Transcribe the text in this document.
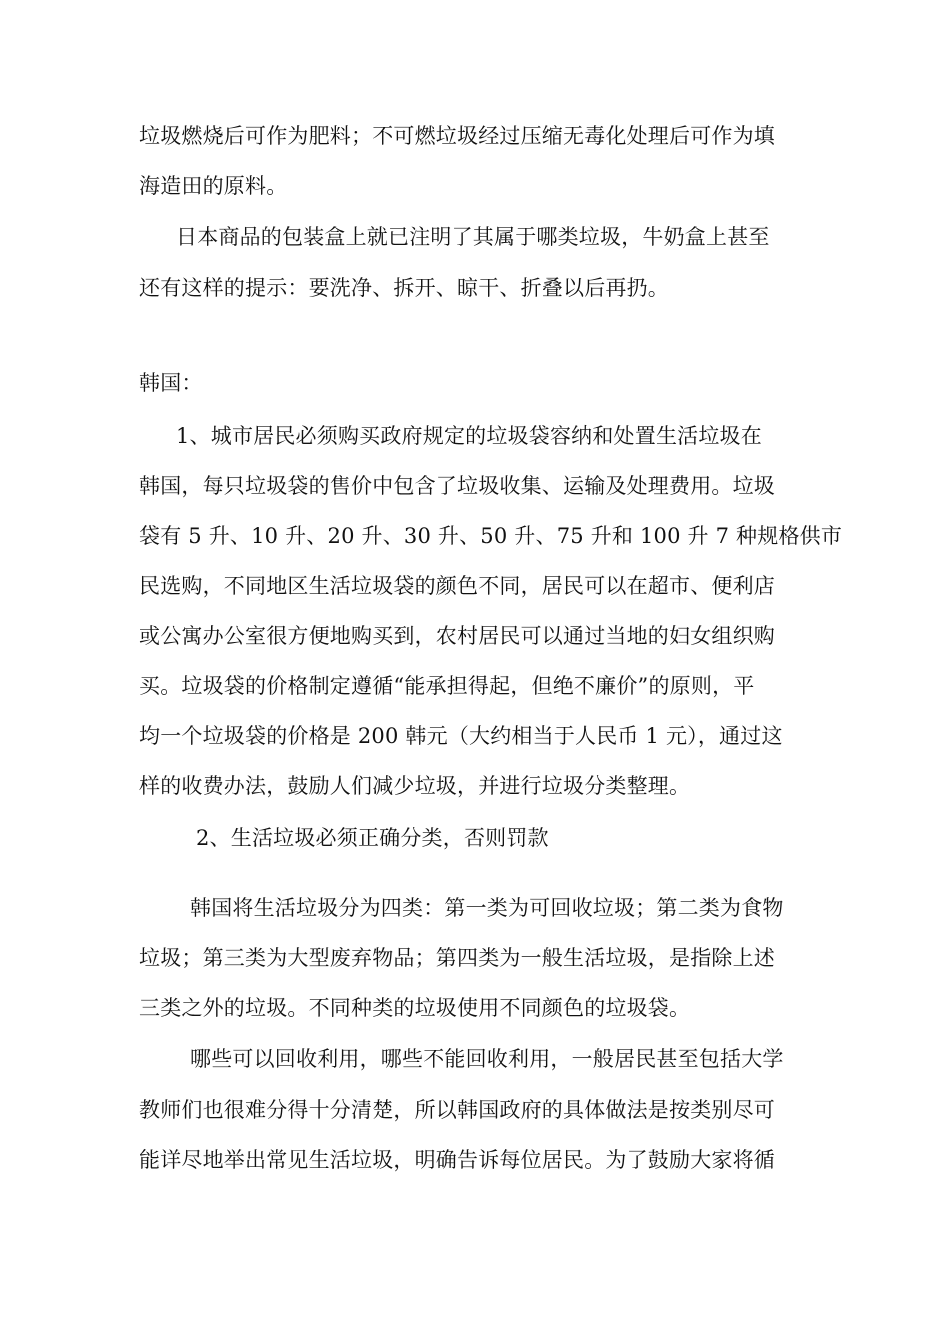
垃圾燃烧后可作为肥料；不可燃垃圾经过压缩无毒化处理后可作为填

海造田的原料。

日本商品的包装盒上就已注明了其属于哪类垃圾，牛奶盒上甚至

还有这样的提示：要洗净、拆开、晾干、折叠以后再扔。

韩国：

1、城市居民必须购买政府规定的垃圾袋容纳和处置生活垃圾在

韩国，每只垃圾袋的售价中包含了垃圾收集、运输及处理费用。垃圾

袋有 5 升、10 升、20 升、30 升、50 升、75 升和 100 升 7 种规格供市

民选购，不同地区生活垃圾袋的颜色不同，居民可以在超市、便利店

或公寓办公室很方便地购买到，农村居民可以通过当地的妇女组织购

买。垃圾袋的价格制定遵循“能承担得起，但绝不廉价”的原则，平

均一个垃圾袋的价格是 200 韩元（大约相当于人民币 1 元），通过这

样的收费办法，鼓励人们减少垃圾，并进行垃圾分类整理。

2、生活垃圾必须正确分类，否则罚款

韩国将生活垃圾分为四类：第一类为可回收垃圾；第二类为食物

垃圾；第三类为大型废弃物品；第四类为一般生活垃圾，是指除上述

三类之外的垃圾。不同种类的垃圾使用不同颜色的垃圾袋。

哪些可以回收利用，哪些不能回收利用，一般居民甚至包括大学

教师们也很难分得十分清楚，所以韩国政府的具体做法是按类别尽可

能详尽地举出常见生活垃圾，明确告诉每位居民。为了鼓励大家将循
